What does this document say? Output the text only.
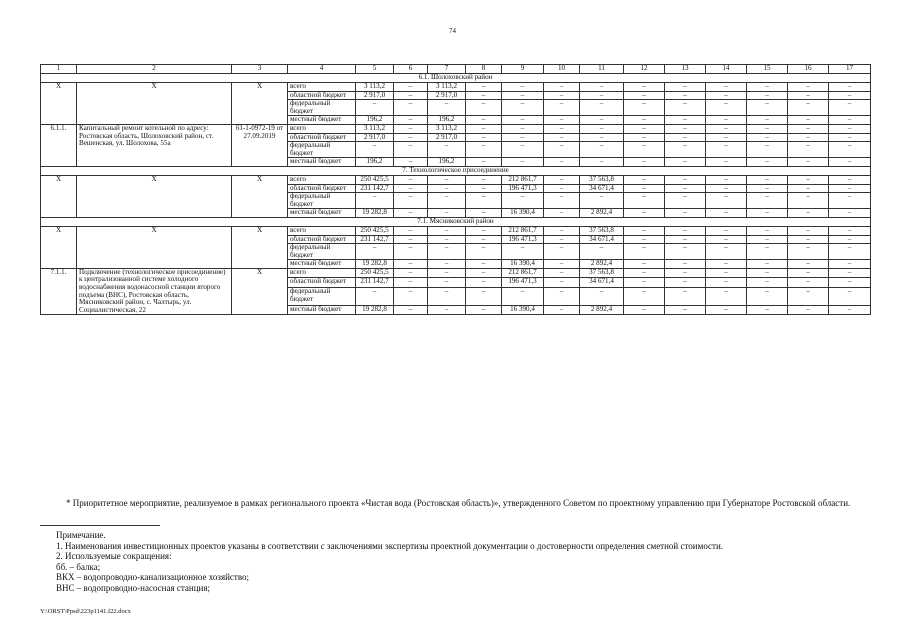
74
1	2	3	4	5	6	7	8	9	10	11	12	13	14	15	16	17
6.1. Шолоховский район																
Х	Х	Х	всего	3 113,2	–	3 113,2	–	–	–	–	–	–	–	–	–	–
			областной бюджет	2 917,0	–	2 917,0	–	–	–	–	–	–	–	–	–	–
			федеральный бюджет	–	–	–	–	–	–	–	–	–	–	–	–	–
			местный бюджет	196,2	–	196,2	–	–	–	–	–	–	–	–	–	–
6.1.1.	Капитальный ремонт котельной по адресу: Ростовская область, Шолоховский район, ст. Вешенская, ул. Шолохова, 55а	61-1-0972-19 от 27.09.2019	всего	3 113,2	–	3 113,2	–	–	–	–	–	–	–	–	–	–
			областной бюджет	2 917,0	–	2 917,0	–	–	–	–	–	–	–	–	–	–
			федеральный бюджет	–	–	–	–	–	–	–	–	–	–	–	–	–
			местный бюджет	196,2	–	196,2	–	–	–	–	–	–	–	–	–	–
7. Технологическое присоединение																
Х	Х	Х	всего	250 425,5	–	–	–	212 861,7	–	37 563,8	–	–	–	–	–	–
			областной бюджет	231 142,7	–	–	–	196 471,3	–	34 671,4	–	–	–	–	–	–
			федеральный бюджет	–	–	–	–	–	–	–	–	–	–	–	–	–
			местный бюджет	19 282,8	–	–	–	16 390,4	–	2 892,4	–	–	–	–	–	–
7.1. Мясниковский район																
Х	Х	Х	всего	250 425,5	–	–	–	212 861,7	–	37 563,8	–	–	–	–	–	–
			областной бюджет	231 142,7	–	–	–	196 471,3	–	34 671,4	–	–	–	–	–	–
			федеральный бюджет	–	–	–	–	–	–	–	–	–	–	–	–	–
			местный бюджет	19 282,8	–	–	–	16 390,4	–	2 892,4	–	–	–	–	–	–
7.1.1.	Подключение (технологическое присоединение) к централизованной системе холодного водоснабжения водонасосной станции второго подъема (ВНС), Ростовская область, Мясниковский район, с. Чалтырь, ул. Социалистическая, 22	Х	всего	250 425,5	–	–	–	212 861,7	–	37 563,8	–	–	–	–	–	–
			областной бюджет	231 142,7	–	–	–	196 471,3	–	34 671,4	–	–	–	–	–	–
			федеральный бюджет	–	–	–	–	–	–	–	–	–	–	–	–	–
			местный бюджет	19 282,8	–	–	–	16 390,4	–	2 892,4	–	–	–	–	–	–
* Приоритетное мероприятие, реализуемое в рамках регионального проекта «Чистая вода (Ростовская область)», утвержденного Советом по проектному управлению при Губернаторе Ростовской области.
Примечание.
1. Наименования инвестиционных проектов указаны в соответствии с заключениями экспертизы проектной документации о достоверности определения сметной стоимости.
2. Используемые сокращения:
бб. – балка;
ВКХ – водопроводно-канализационное хозяйство;
ВНС – водопроводно-насосная станция;
Y:\ORST\Ppsd\223p1141.f22.docx
